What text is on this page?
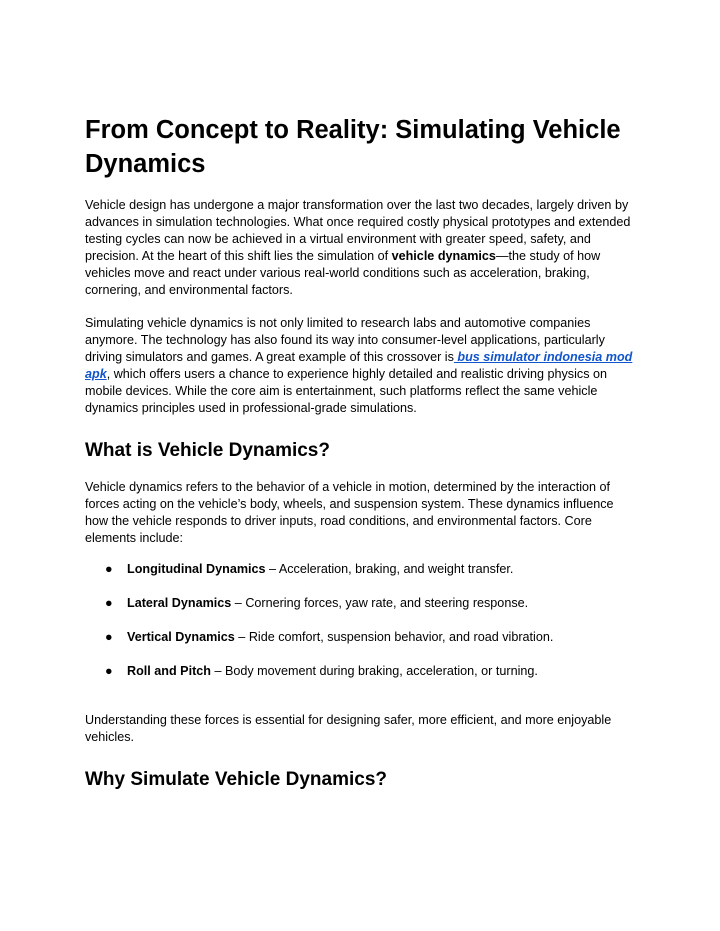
From Concept to Reality: Simulating Vehicle Dynamics

Vehicle design has undergone a major transformation over the last two decades, largely driven by advances in simulation technologies. What once required costly physical prototypes and extended testing cycles can now be achieved in a virtual environment with greater speed, safety, and precision. At the heart of this shift lies the simulation of vehicle dynamics—the study of how vehicles move and react under various real-world conditions such as acceleration, braking, cornering, and environmental factors.

Simulating vehicle dynamics is not only limited to research labs and automotive companies anymore. The technology has also found its way into consumer-level applications, particularly driving simulators and games. A great example of this crossover is bus simulator indonesia mod apk, which offers users a chance to experience highly detailed and realistic driving physics on mobile devices. While the core aim is entertainment, such platforms reflect the same vehicle dynamics principles used in professional-grade simulations.

What is Vehicle Dynamics?

Vehicle dynamics refers to the behavior of a vehicle in motion, determined by the interaction of forces acting on the vehicle’s body, wheels, and suspension system. These dynamics influence how the vehicle responds to driver inputs, road conditions, and environmental factors. Core elements include:

● Longitudinal Dynamics – Acceleration, braking, and weight transfer.
● Lateral Dynamics – Cornering forces, yaw rate, and steering response.
● Vertical Dynamics – Ride comfort, suspension behavior, and road vibration.
● Roll and Pitch – Body movement during braking, acceleration, or turning.

Understanding these forces is essential for designing safer, more efficient, and more enjoyable vehicles.

Why Simulate Vehicle Dynamics?
